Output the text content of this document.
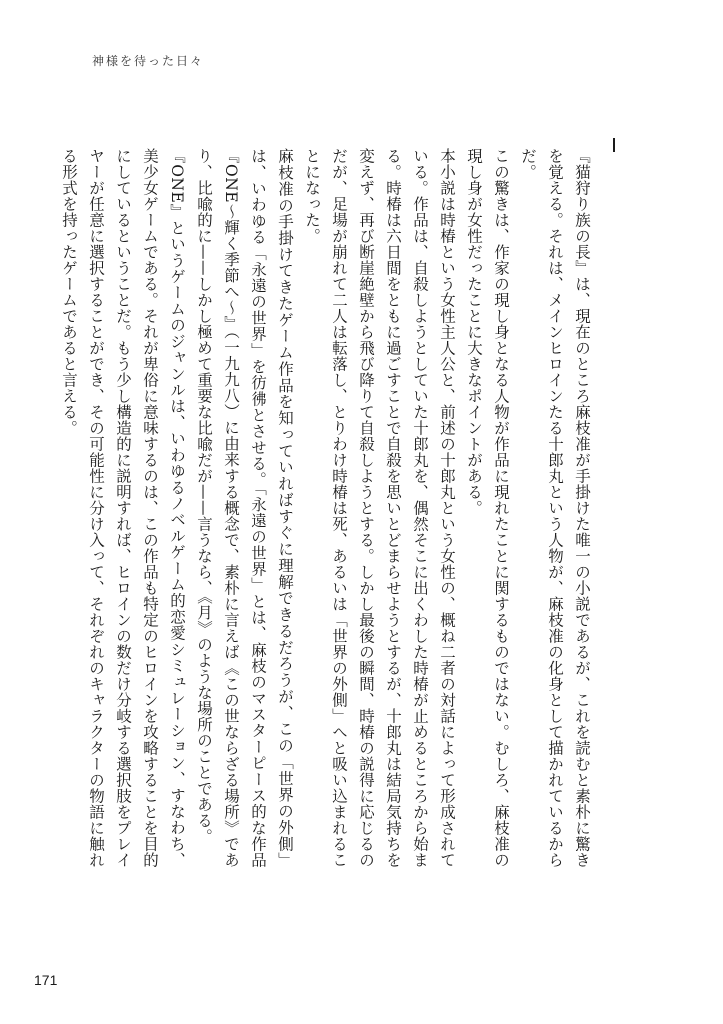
神様を待った日々

『猫狩り族の長』は、現在のところ麻枝准が手掛けた唯一の小説であるが、これを読むと素朴に驚きを覚える。それは、メインヒロインたる十郎丸という人物が、麻枝准の化身として描かれているからだ。

この驚きは、作家の現し身となる人物が作品に現れたことに関するものではない。むしろ、麻枝准の現し身が女性だったことに大きなポイントがある。

本小説は時椿という女性主人公と、前述の十郎丸という女性の、概ね二者の対話によって形成されている。作品は、自殺しようとしていた十郎丸を、偶然そこに出くわした時椿が止めるところから始まる。時椿は六日間をともに過ごすことで自殺を思いとどまらせようとするが、十郎丸は結局気持ちを変えず、再び断崖絶壁から飛び降りて自殺しようとする。しかし最後の瞬間、時椿の説得に応じるのだが、足場が崩れて二人は転落し、とりわけ時椿は死、あるいは「世界の外側」へと吸い込まれることになった。

麻枝准の手掛けてきたゲーム作品を知っていればすぐに理解できるだろうが、この「世界の外側」は、いわゆる「永遠の世界」を彷彿とさせる。「永遠の世界」とは、麻枝のマスターピース的な作品『ONE～輝く季節へ～』（一九九八）に由来する概念で、素朴に言えば《この世ならざる場所》であり、比喩的に——しかし極めて重要な比喩だが——言うなら、《月》のような場所のことである。

『ONE』というゲームのジャンルは、いわゆるノベルゲーム的恋愛シミュレーション、すなわち、美少女ゲームである。それが卑俗に意味するのは、この作品も特定のヒロインを攻略することを目的にしているということだ。もう少し構造的に説明すれば、ヒロインの数だけ分岐する選択肢をプレイヤーが任意に選択することができ、その可能性に分け入って、それぞれのキャラクターの物語に触れる形式を持ったゲームであると言える。

171
